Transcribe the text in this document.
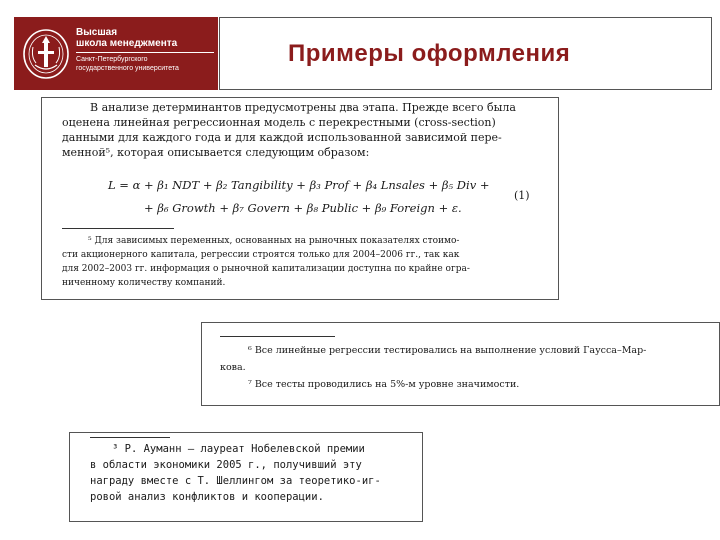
Высшая
школа менеджмента
Санкт-Петербургского
государственного университета
Примеры оформления
В анализе детерминантов предусмотрены два этапа. Прежде всего была
оценена линейная регрессионная модель с перекрестными (cross-section)
данными для каждого года и для каждой использованной зависимой пере-
менной⁵, которая описывается следующим образом:
L = α + β₁ NDT + β₂ Tangibility + β₃ Prof + β₄ Lnsales + β₅ Div +
+ β₆ Growth + β₇ Govern + β₈ Public + β₉ Foreign + ε.
(1)
⁵ Для зависимых переменных, основанных на рыночных показателях стоимо-
сти акционерного капитала, регрессии строятся только для 2004–2006 гг., так как
для 2002–2003 гг. информация о рыночной капитализации доступна по крайне огра-
ниченному количеству компаний.
⁶ Все линейные регрессии тестировались на выполнение условий Гаусса–Мар-
кова.
⁷ Все тесты проводились на 5%-м уровне значимости.
³ Р. Ауманн — лауреат Нобелевской премии
в области экономики 2005 г., получивший эту
награду вместе с Т. Шеллингом за теоретико-иг-
ровой анализ конфликтов и кооперации.
